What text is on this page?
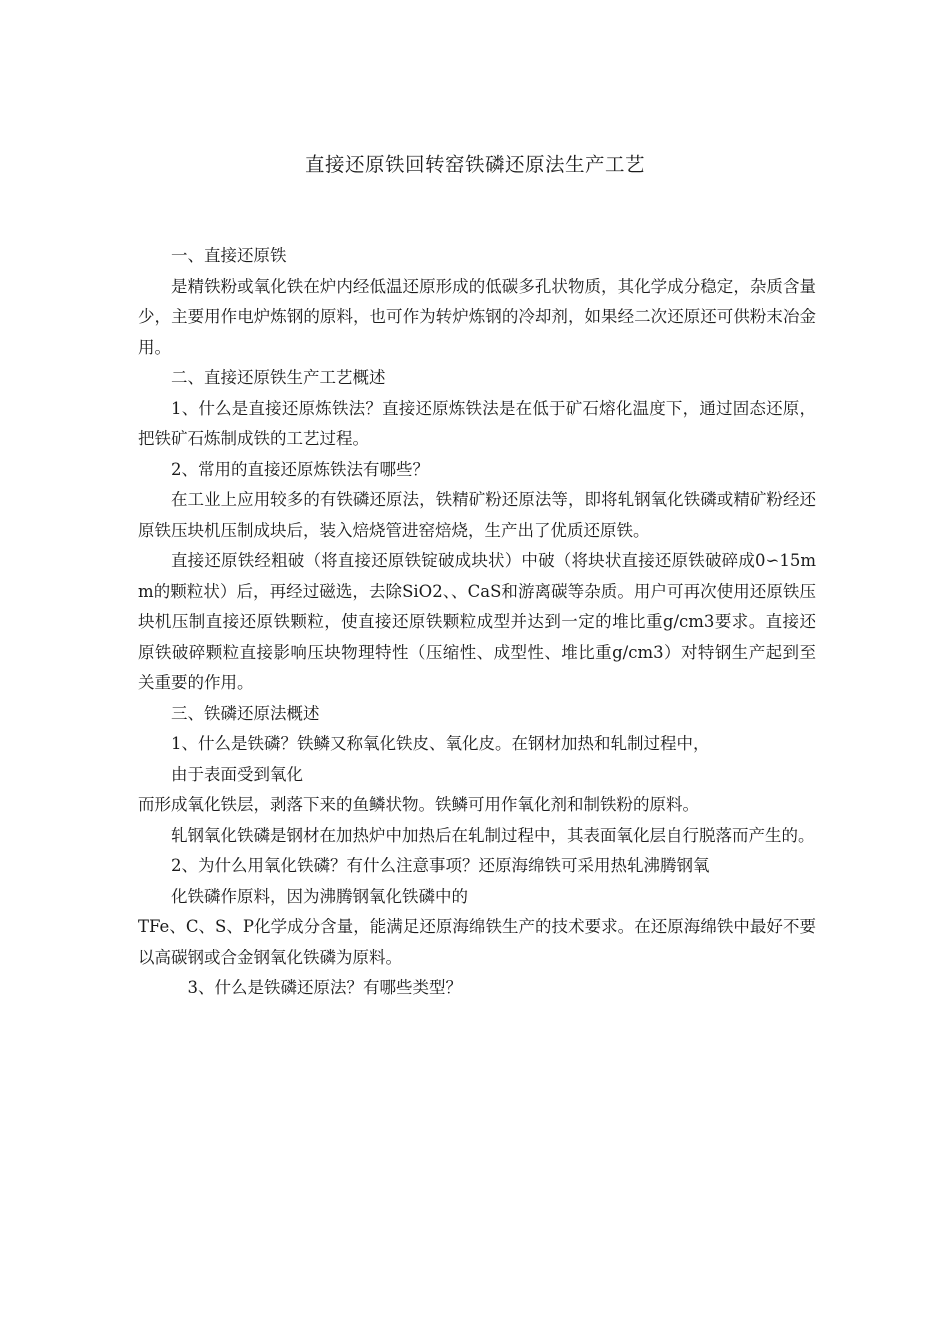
直接还原铁回转窑铁磷还原法生产工艺

一、直接还原铁

是精铁粉或氧化铁在炉内经低温还原形成的低碳多孔状物质，其化学成分稳定，杂质含量少，主要用作电炉炼钢的原料，也可作为转炉炼钢的冷却剂，如果经二次还原还可供粉末冶金用。

二、直接还原铁生产工艺概述

1、什么是直接还原炼铁法？直接还原炼铁法是在低于矿石熔化温度下，通过固态还原，把铁矿石炼制成铁的工艺过程。

2、常用的直接还原炼铁法有哪些？

在工业上应用较多的有铁磷还原法，铁精矿粉还原法等，即将轧钢氧化铁磷或精矿粉经还原铁压块机压制成块后，装入焙烧管进窑焙烧，生产出了优质还原铁。

直接还原铁经粗破（将直接还原铁锭破成块状）中破（将块状直接还原铁破碎成0∽15mm的颗粒状）后，再经过磁选，去除SiO2、、CaS和游离碳等杂质。用户可再次使用还原铁压块机压制直接还原铁颗粒，使直接还原铁颗粒成型并达到一定的堆比重g/cm3要求。直接还原铁破碎颗粒直接影响压块物理特性（压缩性、成型性、堆比重g/cm3）对特钢生产起到至关重要的作用。

三、铁磷还原法概述

1、什么是铁磷？铁鳞又称氧化铁皮、氧化皮。在钢材加热和轧制过程中，

由于表面受到氧化

而形成氧化铁层，剥落下来的鱼鳞状物。铁鳞可用作氧化剂和制铁粉的原料。

轧钢氧化铁磷是钢材在加热炉中加热后在轧制过程中，其表面氧化层自行脱落而产生的。

2、为什么用氧化铁磷？有什么注意事项？还原海绵铁可采用热轧沸腾钢氧

化铁磷作原料，因为沸腾钢氧化铁磷中的

TFe、C、S、P化学成分含量，能满足还原海绵铁生产的技术要求。在还原海绵铁中最好不要以高碳钢或合金钢氧化铁磷为原料。

3、什么是铁磷还原法？有哪些类型？
